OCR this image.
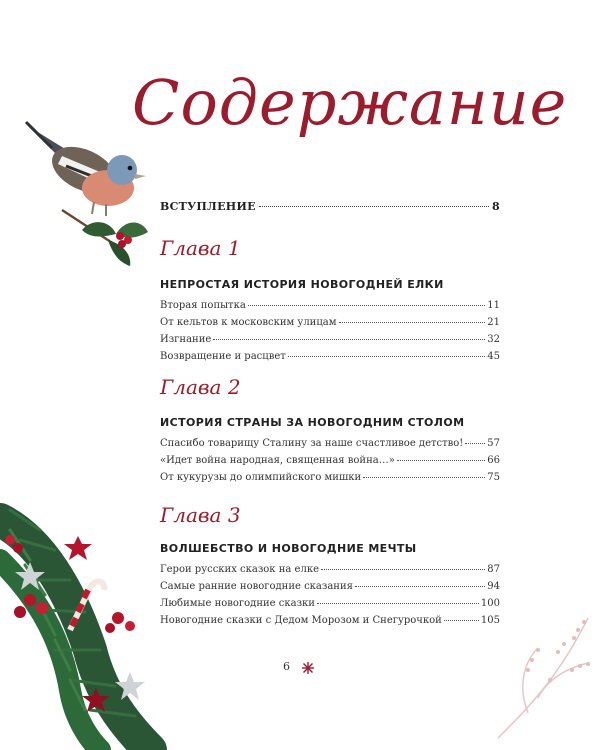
Содержание
ВСТУПЛЕНИЕ	8
Глава 1
НЕПРОСТАЯ ИСТОРИЯ НОВОГОДНЕЙ ЕЛКИ
Вторая попытка	11
От кельтов к московским улицам	21
Изгнание	32
Возвращение и расцвет	45
Глава 2
ИСТОРИЯ СТРАНЫ ЗА НОВОГОДНИМ СТОЛОМ
Спасибо товарищу Сталину за наше счастливое детство! 57
«Идет война народная, священная война…»	66
От кукурузы до олимпийского мишки	75
Глава 3
ВОЛШЕБСТВО И НОВОГОДНИЕ МЕЧТЫ
Герои русских сказок на елке	87
Самые ранние новогодние сказания	94
Любимые новогодние сказки	100
Новогодние сказки с Дедом Морозом и Снегурочкой	105
6
